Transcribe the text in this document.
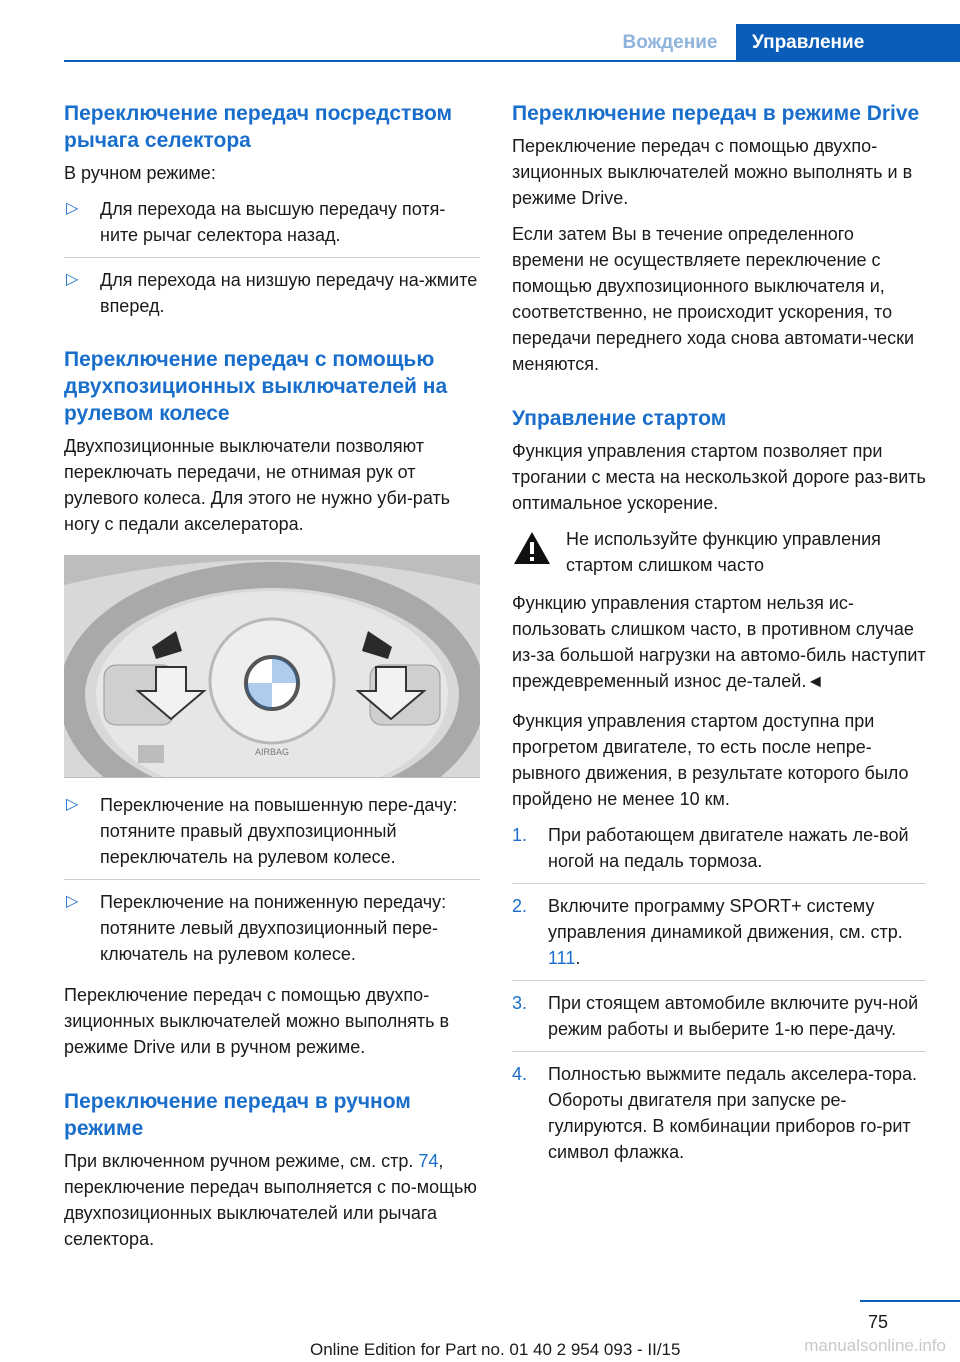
Вождение	Управление
Переключение передач посредством рычага селектора

В ручном режиме:

▷ Для перехода на высшую передачу потя-ните рычаг селектора назад.
▷ Для перехода на низшую передачу на-жмите вперед.
Переключение передач с помощью двухпозиционных выключателей на рулевом колесе

Двухпозиционные выключатели позволяют переключать передачи, не отнимая рук от рулевого колеса. Для этого не нужно уби-рать ногу с педали акселератора.

AIRBAG
▷ Переключение на повышенную пере-дачу: потяните правый двухпозиционный переключатель на рулевом колесе.
▷ Переключение на пониженную передачу: потяните левый двухпозиционный пере-ключатель на рулевом колесе.

Переключение передач с помощью двухпо-зиционных выключателей можно выполнять в режиме Drive или в ручном режиме.

Переключение передач в ручном режиме

При включенном ручном режиме, см. стр. 74, переключение передач выполняется с по-мощью двухпозиционных выключателей или рычага селектора.

Переключение передач в режиме Drive

Переключение передач с помощью двухпо-зиционных выключателей можно выполнять и в режиме Drive.

Если затем Вы в течение определенного времени не осуществляете переключение с помощью двухпозиционного выключателя и, соответственно, не происходит ускорения, то передачи переднего хода снова автомати-чески меняются.

Управление стартом

Функция управления стартом позволяет при трогании с места на нескользкой дороге раз-вить оптимальное ускорение.

Не используйте функцию управления стартом слишком часто

Функцию управления стартом нельзя ис-пользовать слишком часто, в противном случае из-за большой нагрузки на автомо-биль наступит преждевременный износ де-талей.◄

Функция управления стартом доступна при прогретом двигателе, то есть после непре-рывного движения, в результате которого было пройдено не менее 10 км.

1. При работающем двигателе нажать ле-вой ногой на педаль тормоза.
2. Включите программу SPORT+ систему управления динамикой движения, см. стр. 111.
3. При стоящем автомобиле включите руч-ной режим работы и выберите 1-ю пере-дачу.
4. Полностью выжмите педаль акселера-тора. Обороты двигателя при запуске ре-гулируются. В комбинации приборов го-рит символ флажка.
75
Online Edition for Part no. 01 40 2 954 093 - II/15	manualsonline.info
